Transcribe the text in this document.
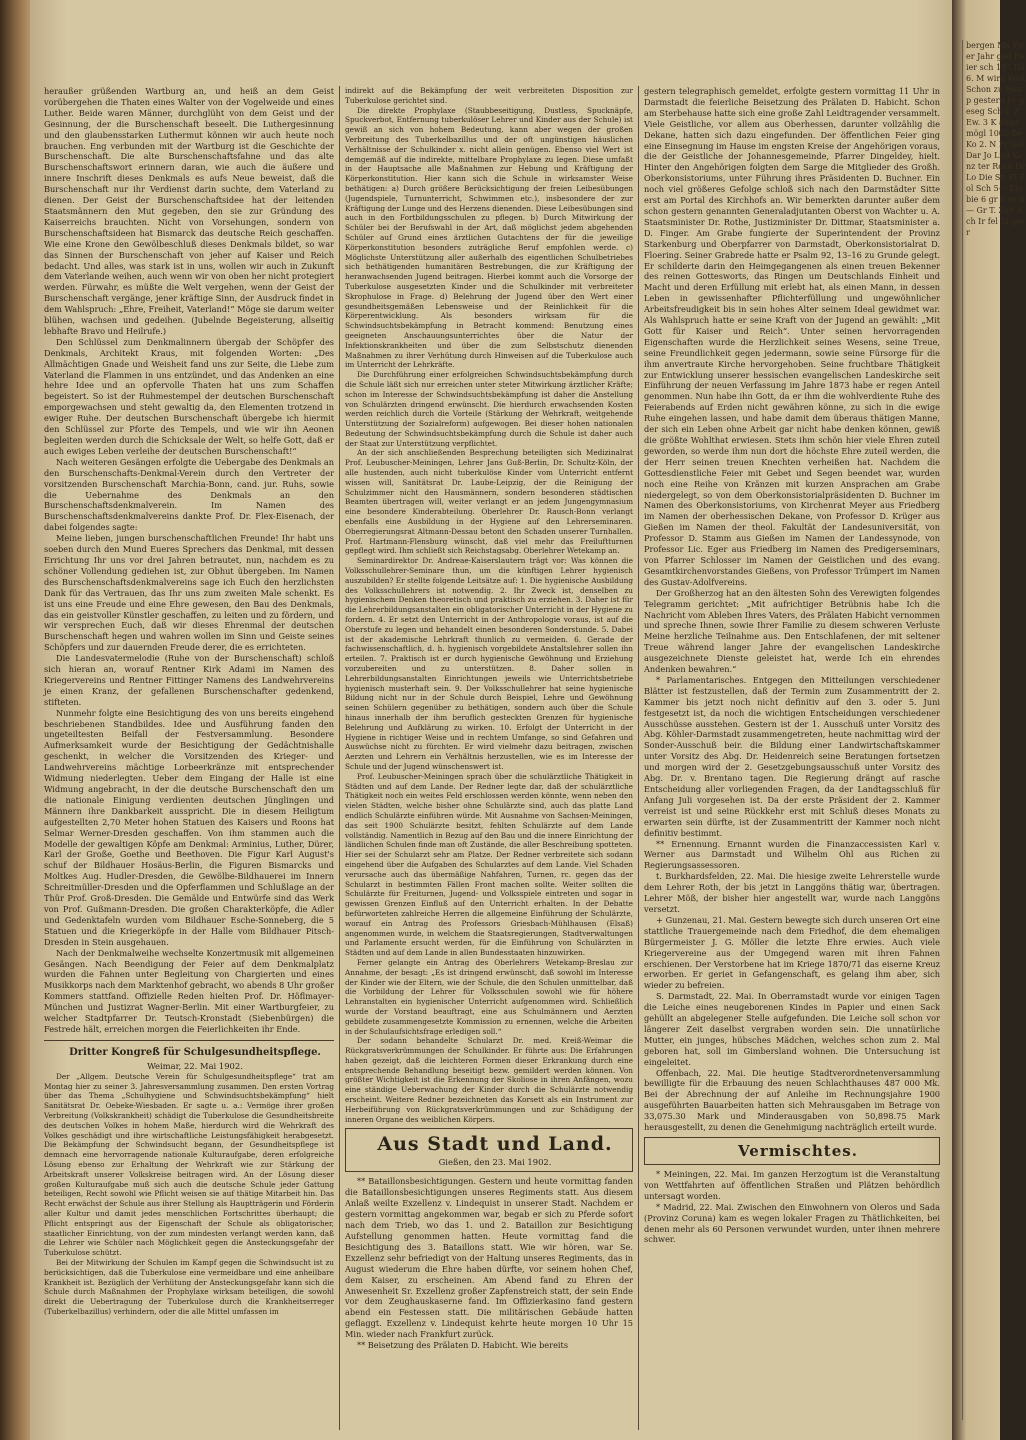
heraußer grüßenden Wartburg an, und heiß an dem Geist vorübergehen die Thaten eines Walter von der Vogelweide und eines Luther. Beide waren Männer, durchglüht von dem Geist und der Gesinnung, der die Burschenschaft beseelt. Die Luthergesinnung und den glaubensstarken Luthermut können wir auch heute noch brauchen. Eng verbunden mit der Wartburg ist die Geschichte der Burschenschaft. Die alte Burschenschaftsfahne und das alte Burschenschaftswort erinnern daran, wie auch die äußere und innere Inschrift dieses Denkmals es aufs Neue beweist, daß die Burschenschaft nur ihr Verdienst darin suchte, dem Vaterland zu dienen. Der Geist der Burschenschaftsidee hat der leitenden Staatsmännern den Mut gegeben, den sie zur Gründung des Kaiserreichs brauchten. Nicht von Vorsehungen, sondern von Burschenschaftsideen hat Bismarck das deutsche Reich geschaffen. Wie eine Krone den Gewölbeschluß dieses Denkmals bildet, so war das Sinnen der Burschenschaft von jeher auf Kaiser und Reich bedacht. Und alles, was stark ist in uns, wollen wir auch in Zukunft dem Vaterlande weihen, auch wenn wir von oben her nicht protegiert werden. Fürwahr, es müßte die Welt vergehen, wenn der Geist der Burschenschaft vergänge, jener kräftige Sinn, der Ausdruck findet in dem Wahlspruch: „Ehre, Freiheit, Vaterland!“ Möge sie darum weiter blühen, wachsen und gedeihen. (Jubelnde Begeisterung, allseitig lebhafte Bravo und Heilrufe.)

Den Schlüssel zum Denkmalinnern übergab der Schöpfer des Denkmals, Architekt Kraus, mit folgenden Worten: „Des Allmächtigen Gnade und Weisheit fand uns zur Seite, die Liebe zum Vaterland die Flammen in uns entzündet, und das Andenken an eine hehre Idee und an opfervolle Thaten hat uns zum Schaffen begeistert. So ist der Ruhmestempel der deutschen Burschenschaft emporgewachsen und steht gewaltig da, den Elementen trotzend in ewiger Ruhe. Der deutschen Burschenschaft übergebe ich hiermit den Schlüssel zur Pforte des Tempels, und wie wir ihn Aeonen begleiten werden durch die Schicksale der Welt, so helfe Gott, daß er auch ewiges Leben verleihe der deutschen Burschenschaft!“

Nach weiteren Gesängen erfolgte die Uebergabe des Denkmals an den Burschenschafts-Denkmal-Verein durch den Vertreter der vorsitzenden Burschenschaft Marchia-Bonn, cand. jur. Ruhs, sowie die Uebernahme des Denkmals an den Burschenschaftsdenkmalverein. Im Namen des Burschenschaftsdenkmalvereins dankte Prof. Dr. Flex-Eisenach, der dabei folgendes sagte:

Meine lieben, jungen burschenschaftlichen Freunde! Ihr habt uns soeben durch den Mund Eueres Sprechers das Denkmal, mit dessen Errichtung Ihr uns vor drei Jahren betrautet, nun, nachdem es zu schöner Vollendung gediehen ist, zur Obhut übergeben. Im Namen des Burschenschaftsdenkmalvereins sage ich Euch den herzlichsten Dank für das Vertrauen, das Ihr uns zum zweiten Male schenkt. Es ist uns eine Freude und eine Ehre gewesen, den Bau des Denkmals, das ein geistvoller Künstler geschaffen, zu leiten und zu fördern, und wir versprechen Euch, daß wir dieses Ehrenmal der deutschen Burschenschaft hegen und wahren wollen im Sinn und Geiste seines Schöpfers und zur dauernden Freude derer, die es errichteten.

Die Landesvatermelodie (Ruhe von der Burschenschaft) schloß sich hieran an, worauf Rentner Kirk Adami im Namen des Kriegervereins und Rentner Fittinger Namens des Landwehrvereins je einen Kranz, der gefallenen Burschenschafter gedenkend, stifteten.

Nunmehr folgte eine Besichtigung des von uns bereits eingehend beschriebenen Standbildes. Idee und Ausführung fanden den ungeteiltesten Beifall der Festversammlung. Besondere Aufmerksamkeit wurde der Besichtigung der Gedächtnishalle geschenkt, in welcher die Vorsitzenden des Krieger- und Landwehrvereins mächtige Lorbeerkränze mit entsprechender Widmung niederlegten. Ueber dem Eingang der Halle ist eine Widmung angebracht, in der die deutsche Burschenschaft den um die nationale Einigung verdienten deutschen Jünglingen und Männern ihre Dankbarkeit ausspricht. Die in diesem Heiligtum aufgestellten 2,70 Meter hohen Statuen des Kaisers und Roons hat Selmar Werner-Dresden geschaffen. Von ihm stammen auch die Modelle der gewaltigen Köpfe am Denkmal: Arminius, Luther, Dürer, Karl der Große, Goethe und Beethoven. Die Figur Karl August's schuf der Bildhauer Hosäus-Berlin, die Figuren Bismarcks und Moltkes Aug. Hudler-Dresden, die Gewölbe-Bildhauerei im Innern Schreitmüller-Dresden und die Opferflammen und Schlußlage an der Thür Prof. Groß-Dresden. Die Gemälde und Entwürfe sind das Werk von Prof. Gußmann-Dresden. Die großen Charakterköpfe, die Adler und Gedenktafeln wurden vom Bildhauer Esche-Sonneberg, die 5 Statuen und die Kriegerköpfe in der Halle vom Bildhauer Pitsch-Dresden in Stein ausgehauen.

Nach der Denkmalweihe wechselte Konzertmusik mit allgemeinen Gesängen. Nach Beendigung der Feier auf dem Denkmalplatz wurden die Fahnen unter Begleitung von Chargierten und eines Musikkorps nach dem Marktenhof gebracht, wo abends 8 Uhr großer Kommers stattfand. Offizielle Reden hielten Prof. Dr. Höflmayer-München und Justizrat Wagner-Berlin. Mit einer Wartburgfeier, zu welcher Stadtpfarrer Dr. Teutsch-Kronstadt (Siebenbürgen) die Festrede hält, erreichen morgen die Feierlichkeiten ihr Ende.

Dritter Kongreß für Schulgesundheitspflege.

Weimar, 22. Mai 1902.

Der „Allgem. Deutsche Verein für Schulgesundheitspflege“ trat am Montag hier zu seiner 3. Jahresversammlung zusammen. Den ersten Vortrag über das Thema „Schulhygiene und Schwindsuchtsbekämpfung“ hielt Sanitätsrat Dr. Oebeke-Wiesbaden. Er sagte u. a.: Vermöge ihrer großen Verbreitung (Volkskrankheit) schädigt die Tuberkulose die Gesundheitsbreite des deutschen Volkes in hohem Maße, hierdurch wird die Wehrkraft des Volkes geschädigt und ihre wirtschaftliche Leistungsfähigkeit herabgesetzt. Die Bekämpfung der Schwindsucht begann, der Gesundheitspflege ist demnach eine hervorragende nationale Kulturaufgabe, deren erfolgreiche Lösung ebenso zur Erhaltung der Wehrkraft wie zur Stärkung der Arbeitskraft unserer Volkskreise beitragen wird. An der Lösung dieser großen Kulturaufgabe muß sich auch die deutsche Schule jeder Gattung beteiligen, Recht sowohl wie Pflicht weisen sie auf thätige Mitarbeit hin. Das Recht erwächst der Schule aus ihrer Stellung als Hauptträgerin und Förderin aller Kultur und damit jedes menschlichen Fortschrittes überhaupt; die Pflicht entspringt aus der Eigenschaft der Schule als obligatorischer, staatlicher Einrichtung, von der zum mindesten verlangt werden kann, daß die Lehrer wie Schüler nach Möglichkeit gegen die Ansteckungsgefahr der Tuberkulose schützt.

Bei der Mitwirkung der Schulen im Kampf gegen die Schwindsucht ist zu berücksichtigen, daß die Tuberkulose eine vermeidbare und eine anheilbare Krankheit ist. Bezüglich der Verhütung der Ansteckungsgefahr kann sich die Schule durch Maßnahmen der Prophylaxe wirksam beteiligen, die sowohl direkt die Uebertragung der Tuberkulose durch die Krankheitserreger (Tuberkelbazillus) verhindern, oder die alle Mittel umfassen im

indirekt auf die Bekämpfung der weit verbreiteten Disposition zur Tuberkulose gerichtet sind.

Die direkte Prophylaxe (Staubbeseitigung, Dustless, Spucknäpfe, Spuckverbot, Entfernung tuberkulöser Lehrer und Kinder aus der Schule) ist gewiß an sich von hohem Bedeutung, kann aber wegen der großen Verbreitung des Tuberkelbazillus und der oft ungünstigen häuslichen Verhältnisse der Schulkinder x. nicht allein genügen. Ebenso viel Wert ist demgemäß auf die indirekte, mittelbare Prophylaxe zu legen. Diese umfaßt in der Hauptsache alle Maßnahmen zur Hebung und Kräftigung der Körperkonstitution. Hier kann sich die Schule in wirksamster Weise bethätigen: a) Durch größere Berücksichtigung der freien Leibesübungen (Jugendspiele, Turnunterricht, Schwimmen etc.), insbesondere der zur Kräftigung der Lunge und des Herzens dienenden. Diese Leibesübungen sind auch in den Fortbildungsschulen zu pflegen. b) Durch Mitwirkung der Schüler bei der Berufswahl in der Art, daß möglichst jedem abgehenden Schüler auf Grund eines ärztlichen Gutachtens der für die jeweilige Körperkonstitution besonders zuträgliche Beruf empfohlen werde. c) Möglichste Unterstützung aller außerhalb des eigentlichen Schulbetriebes sich bethätigenden humanitären Bestrebungen, die zur Kräftigung der heranwachsenden Jugend beitragen. Hierbei kommt auch die Vorsorge der Tuberkulose ausgesetzten Kinder und die Schulkinder mit verbreiteter Skrophulose in Frage. d) Belehrung der Jugend über den Wert einer gesundheitsgemäßen Lebensweise und der Reinlichkeit für die Körperentwicklung. Als besonders wirksam für die Schwindsuchtsbekämpfung in Betracht kommend: Benutzung eines geeigneten Anschauungsunterrichtes über die Natur der Infektionskrankheiten und über die zum Selbstschutz dienenden Maßnahmen zu ihrer Verhütung durch Hinweisen auf die Tuberkulose auch im Unterricht der Lehrkräfte.

Die Durchführung einer erfolgreichen Schwindsuchtsbekämpfung durch die Schule läßt sich nur erreichen unter steter Mitwirkung ärztlicher Kräfte; schon im Interesse der Schwindsuchtsbekämpfung ist daher die Anstellung von Schulärzten dringend erwünscht. Die hierdurch erwachsenden Kosten werden reichlich durch die Vorteile (Stärkung der Wehrkraft, weitgehende Unterstützung der Sozialreform) aufgewogen. Bei dieser hohen nationalen Bedeutung der Schwindsuchtsbekämpfung durch die Schule ist daher auch der Staat zur Unterstützung verpflichtet.

An der sich anschließenden Besprechung beteiligten sich Medizinalrat Prof. Leubuscher-Meiningen, Lehrer Jans Guß-Berlin, Dr. Schultz-Köln, der alle hustenden, auch nicht tuberkulöse Kinder vom Unterricht entfernt wissen will, Sanitätsrat Dr. Laube-Leipzig, der die Reinigung der Schulzimmer nicht den Hausmännern, sondern besonderen städtischen Beamten übertragen will, weiter verlangt er an jedem Jungengymnasium eine besondere Kinderabteilung. Oberlehrer Dr. Rausch-Bonn verlangt ebenfalls eine Ausbildung in der Hygiene auf den Lehrerseminaren. Oberregierungsrat Altmann-Dessau betont den Schaden unserer Turnhallen. Prof. Hartmann-Flensburg wünscht, daß viel mehr das Freiluftturnen gepflegt wird. Ihm schließt sich Reichstagsabg. Oberlehrer Wetekamp an.

Seminardirektor Dr. Andreae-Kaiserslautern trägt vor: Was können die Volksschullehrer-Seminare thun, um die künftigen Lehrer hygienisch auszubilden? Er stellte folgende Leitsätze auf: 1. Die hygienische Ausbildung des Volksschullehrers ist notwendig. 2. Ihr Zweck ist, denselben zu hygienischem Denken theoretisch und praktisch zu erziehen. 3. Daher ist für die Lehrerbildungsanstalten ein obligatorischer Unterricht in der Hygiene zu fordern. 4. Er setzt den Unterricht in der Anthropologie voraus, ist auf die Oberstufe zu legen und behandelt einen besonderen Sonderstunde. 5. Dabei ist der akademische Lehrkraft thunlich zu vermeiden. 6. Gerade der fachwissenschaftlich, d. h. hygienisch vorgebildete Anstaltslehrer sollen ihn erteilen. 7. Praktisch ist er durch hygienische Gewöhnung und Erziehung vorzubereiten und zu unterstützen. 8. Daher sollen in Lehrerbildungsanstalten Einrichtungen jeweils wie Unterrichtsbetriebe hygienisch musterhaft sein. 9. Der Volksschullehrer hat seine hygienische Bildung nicht nur in der Schule durch Beispiel, Lehre und Gewöhnung seinen Schülern gegenüber zu bethätigen, sondern auch über die Schule hinaus innerhalb der ihm beruflich gesteckten Grenzen für hygienische Belehrung und Aufklärung zu wirken. 10. Erfolgt der Unterricht in der Hygiene in richtiger Weise und in rechtem Umfange, so sind Gefahren und Auswüchse nicht zu fürchten. Er wird vielmehr dazu beitragen, zwischen Aerzten und Lehrern ein Verhältnis herzustellen, wie es im Interesse der Schule und der Jugend wünschenswert ist.

Prof. Leubuscher-Meiningen sprach über die schulärztliche Thätigkeit in Städten und auf dem Lande. Der Redner legte dar, daß der schulärztliche Thätigkeit noch ein weites Feld erschlossen werden könnte, wenn neben den vielen Städten, welche bisher ohne Schulärzte sind, auch das platte Land endlich Schulärzte einführen würde. Mit Ausnahme von Sachsen-Meiningen, das seit 1900 Schulärzte besitzt, fehlten Schulärzte auf dem Lande vollständig. Namentlich in Bezug auf den Bau und die innere Einrichtung der ländlichen Schulen finde man oft Zustände, die aller Beschreibung spotteten. Hier sei der Schularzt sehr am Platze. Der Redner verbreitete sich sodann eingehend über die Aufgaben des Schularztes auf dem Lande. Viel Schaden verursache auch das übermäßige Nahfahren, Turnen, rc. gegen das der Schularzt in bestimmten Fällen Front machen sollte. Weiter sollten die Schulärzte für Freiturnen, Jugend- und Volksspiele eintreten und sogar in gewissen Grenzen Einfluß auf den Unterricht erhalten. In der Debatte befürworteten zahlreiche Herren die allgemeine Einführung der Schulärzte, worauf ein Antrag des Professors Griesbach-Mühlhausen (Elsaß) angenommen wurde, in welchem die Staatsregierungen, Stadtverwaltungen und Parlamente ersucht werden, für die Einführung von Schulärzten in Städten und auf dem Lande in allen Bundesstaaten hinzuwirken.

Ferner gelangte ein Antrag des Oberlehrers Wetekamp-Breslau zur Annahme, der besagt: „Es ist dringend erwünscht, daß sowohl im Interesse der Kinder wie der Eltern, wie der Schule, die den Schulen unmittelbar, daß die Vorbildung der Lehrer für Volksschulen sowohl wie für höhere Lehranstalten ein hygienischer Unterricht aufgenommen wird. Schließlich wurde der Vorstand beauftragt, eine aus Schulmännern und Aerzten gebildete zusammengesetzte Kommission zu ernennen, welche die Arbeiten in der Schulaufsichtsfrage erledigen soll.“

Der sodann behandelte Schularzt Dr. med. Kreiß-Weimar die Rückgratsverkrümmungen der Schulkinder. Er führte aus: Die Erfahrungen haben gezeigt, daß die leichteren Formen dieser Erkrankung durch eine entsprechende Behandlung beseitigt bezw. gemildert werden können. Von größter Wichtigkeit ist die Erkennung der Skoliose in ihren Anfängen, wozu eine ständige Ueberwachung der Kinder durch die Schulärzte notwendig erscheint. Weitere Redner bezeichneten das Korsett als ein Instrument zur Herbeiführung von Rückgratsverkrümmungen und zur Schädigung der inneren Organe des weiblichen Körpers.

Aus Stadt und Land.

Gießen, den 23. Mai 1902.

** Bataillonsbesichtigungen. Gestern und heute vormittag fanden die Bataillonsbesichtigungen unseres Regiments statt. Aus diesem Anlaß weilte Exzellenz v. Lindequist in unserer Stadt. Nachdem er gestern vormittag angekommen war, begab er sich zu Pferde sofort nach dem Trieb, wo das 1. und 2. Bataillon zur Besichtigung Aufstellung genommen hatten. Heute vormittag fand die Besichtigung des 3. Bataillons statt. Wie wir hören, war Se. Exzellenz sehr befriedigt von der Haltung unseres Regiments, das in August wiederum die Ehre haben dürfte, vor seinem hohen Chef, dem Kaiser, zu erscheinen. Am Abend fand zu Ehren der Anwesenheit Sr. Exzellenz großer Zapfenstreich statt, der sein Ende vor dem Zeughauskaserne fand. Im Offizierkasino fand gestern abend ein Festessen statt. Die militärischen Gebäude hatten geflaggt. Exzellenz v. Lindequist kehrte heute morgen 10 Uhr 15 Min. wieder nach Frankfurt zurück.

** Beisetzung des Prälaten D. Habicht. Wie bereits

gestern telegraphisch gemeldet, erfolgte gestern vormittag 11 Uhr in Darmstadt die feierliche Beisetzung des Prälaten D. Habicht. Schon am Sterbehause hatte sich eine große Zahl Leidtragender versammelt. Viele Geistliche, vor allem aus Oberhessen, darunter vollzählig die Dekane, hatten sich dazu eingefunden. Der öffentlichen Feier ging eine Einsegnung im Hause im engsten Kreise der Angehörigen voraus, die der Geistliche der Johannesgemeinde, Pfarrer Dingeldey, hielt. Hinter den Angehörigen folgten dem Sarge die Mitglieder des Großh. Oberkonsistoriums, unter Führung ihres Präsidenten D. Buchner. Ein noch viel größeres Gefolge schloß sich nach den Darmstädter Sitte erst am Portal des Kirchhofs an. Wir bemerkten darunter außer dem schon gestern genannten Generaladjutanten Oberst von Wachter u. A. Staatsminister Dr. Rothe, Justizminister Dr. Dittmar, Staatsminister a. D. Finger. Am Grabe fungierte der Superintendent der Provinz Starkenburg und Oberpfarrer von Darmstadt, Oberkonsistorialrat D. Floering. Seiner Grabrede hatte er Psalm 92, 13–16 zu Grunde gelegt. Er schilderte darin den Heimgegangenen als einen treuen Bekenner des reinen Gottesworts, das Ringen um Deutschlands Einheit und Macht und deren Erfüllung mit erlebt hat, als einen Mann, in dessen Leben in gewissenhafter Pflichterfüllung und ungewöhnlicher Arbeitsfreudigkeit bis in sein hohes Alter seinem Ideal gewidmet war. Als Wahlspruch hatte er seine Kraft von der Jugend an gewählt: „Mit Gott für Kaiser und Reich“. Unter seinen hervorragenden Eigenschaften wurde die Herzlichkeit seines Wesens, seine Treue, seine Freundlichkeit gegen jedermann, sowie seine Fürsorge für die ihm anvertraute Kirche hervorgehoben. Seine fruchtbare Thätigkeit zur Entwicklung unserer hessischen evangelischen Landeskirche seit Einführung der neuen Verfassung im Jahre 1873 habe er regen Anteil genommen. Nun habe ihn Gott, da er ihm die wohlverdiente Ruhe des Feierabends auf Erden nicht gewähren könne, zu sich in die ewige Ruhe eingehen lassen, und habe damit dem überaus thätigen Manne, der sich ein Leben ohne Arbeit gar nicht habe denken können, gewiß die größte Wohlthat erwiesen. Stets ihm schön hier viele Ehren zuteil geworden, so werde ihm nun dort die höchste Ehre zuteil werden, die der Herr seinen treuen Knechten verheißen hat. Nachdem die Gottesdienstliche Feier mit Gebet und Segen beendet war, wurden noch eine Reihe von Kränzen mit kurzen Ansprachen am Grabe niedergelegt, so von dem Oberkonsistorialpräsidenten D. Buchner im Namen des Oberkonsistoriums, von Kirchenrat Meyer aus Friedberg im Namen der oberhessischen Dekane, von Professor D. Krüger aus Gießen im Namen der theol. Fakultät der Landesuniversität, von Professor D. Stamm aus Gießen im Namen der Landessynode, von Professor Lic. Eger aus Friedberg im Namen des Predigerseminars, von Pfarrer Schlosser im Namen der Geistlichen und des evang. Gesamtkirchenvorstandes Gießens, von Professor Trümpert im Namen des Gustav-Adolfvereins.

Der Großherzog hat an den ältesten Sohn des Verewigten folgendes Telegramm gerichtet: „Mit aufrichtiger Betrübnis habe Ich die Nachricht vom Ableben Ihres Vaters, des Prälaten Habicht vernommen und spreche Ihnen, sowie Ihrer Familie zu diesem schweren Verluste Meine herzliche Teilnahme aus. Den Entschlafenen, der mit seltener Treue während langer Jahre der evangelischen Landeskirche ausgezeichnete Dienste geleistet hat, werde Ich ein ehrendes Andenken bewahren.“

* Parlamentarisches. Entgegen den Mitteilungen verschiedener Blätter ist festzustellen, daß der Termin zum Zusammentritt der 2. Kammer bis jetzt noch nicht definitiv auf den 3. oder 5. Juni festgesetzt ist, da noch die wichtigen Entscheidungen verschiedener Ausschüsse ausstehen. Gestern ist der 1. Ausschuß unter Vorsitz des Abg. Köhler-Darmstadt zusammengetreten, heute nachmittag wird der Sonder-Ausschuß beir. die Bildung einer Landwirtschaftskammer unter Vorsitz des Abg. Dr. Heidenreich seine Beratungen fortsetzen und morgen wird der 2. Gesetzgebungsausschuß unter Vorsitz des Abg. Dr. v. Brentano tagen. Die Regierung drängt auf rasche Entscheidung aller vorliegenden Fragen, da der Landtagsschluß für Anfang Juli vorgesehen ist. Da der erste Präsident der 2. Kammer verreist ist und seine Rückkehr erst mit Schluß dieses Monats zu erwarten sein dürfte, ist der Zusammentritt der Kammer noch nicht definitiv bestimmt.

** Ernennung. Ernannt wurden die Finanzaccessisten Karl v. Werner aus Darmstadt und Wilhelm Ohl aus Richen zu Regierungsassessoren.

t. Burkhardsfelden, 22. Mai. Die hiesige zweite Lehrerstelle wurde dem Lehrer Roth, der bis jetzt in Langgöns thätig war, übertragen. Lehrer Möß, der bisher hier angestellt war, wurde nach Langgöns versetzt.

+ Gunzenau, 21. Mai. Gestern bewegte sich durch unseren Ort eine stattliche Trauergemeinde nach dem Friedhof, die dem ehemaligen Bürgermeister J. G. Möller die letzte Ehre erwies. Auch viele Kriegervereine aus der Umgegend waren mit ihren Fahnen erschienen. Der Verstorbene hat im Kriege 1870/71 das eiserne Kreuz erworben. Er geriet in Gefangenschaft, es gelang ihm aber, sich wieder zu befreien.

S. Darmstadt, 22. Mai. In Oberramstadt wurde vor einigen Tagen die Leiche eines neugeborenen Kindes in Papier und einen Sack gehüllt an abgelegener Stelle aufgefunden. Die Leiche soll schon vor längerer Zeit daselbst vergraben worden sein. Die unnatürliche Mutter, ein junges, hübsches Mädchen, welches schon zum 2. Mal geboren hat, soll im Gimbersland wohnen. Die Untersuchung ist eingeleitet.

Offenbach, 22. Mai. Die heutige Stadtverordnetenversammlung bewilligte für die Erbauung des neuen Schlachthauses 487 000 Mk. Bei der Abrechnung der auf Anleihe im Rechnungsjahre 1900 ausgeführten Bauarbeiten hatten sich Mehrausgaben im Betrage von 33,075.30 Mark und Minderausgaben von 50,898.75 Mark herausgestellt, zu denen die Genehmigung nachträglich erteilt wurde.

Vermischtes.

* Meiningen, 22. Mai. Im ganzen Herzogtum ist die Veranstaltung von Wettfahrten auf öffentlichen Straßen und Plätzen behördlich untersagt worden.

* Madrid, 22. Mai. Zwischen den Einwohnern von Oleros und Sada (Provinz Coruna) kam es wegen lokaler Fragen zu Thätlichkeiten, bei denen mehr als 60 Personen verwundet wurden, unter ihnen mehrere schwer.

bergen Ma Feier Jahr glei Feier sch 187 Da 6. M wird Kost Schon zu Haup gestern Fr geseg Sch v. 2 Ew. 3 K ange mögl 1000 Be Ko 2. N Fr Gel Dar Jo Lud Konz ter Roch Dr Lo Die St. Fi Zol Sch 5— Ein bie 6 gr 6 se 4— Gr T. Zeit lich Ir fel Si gerr
